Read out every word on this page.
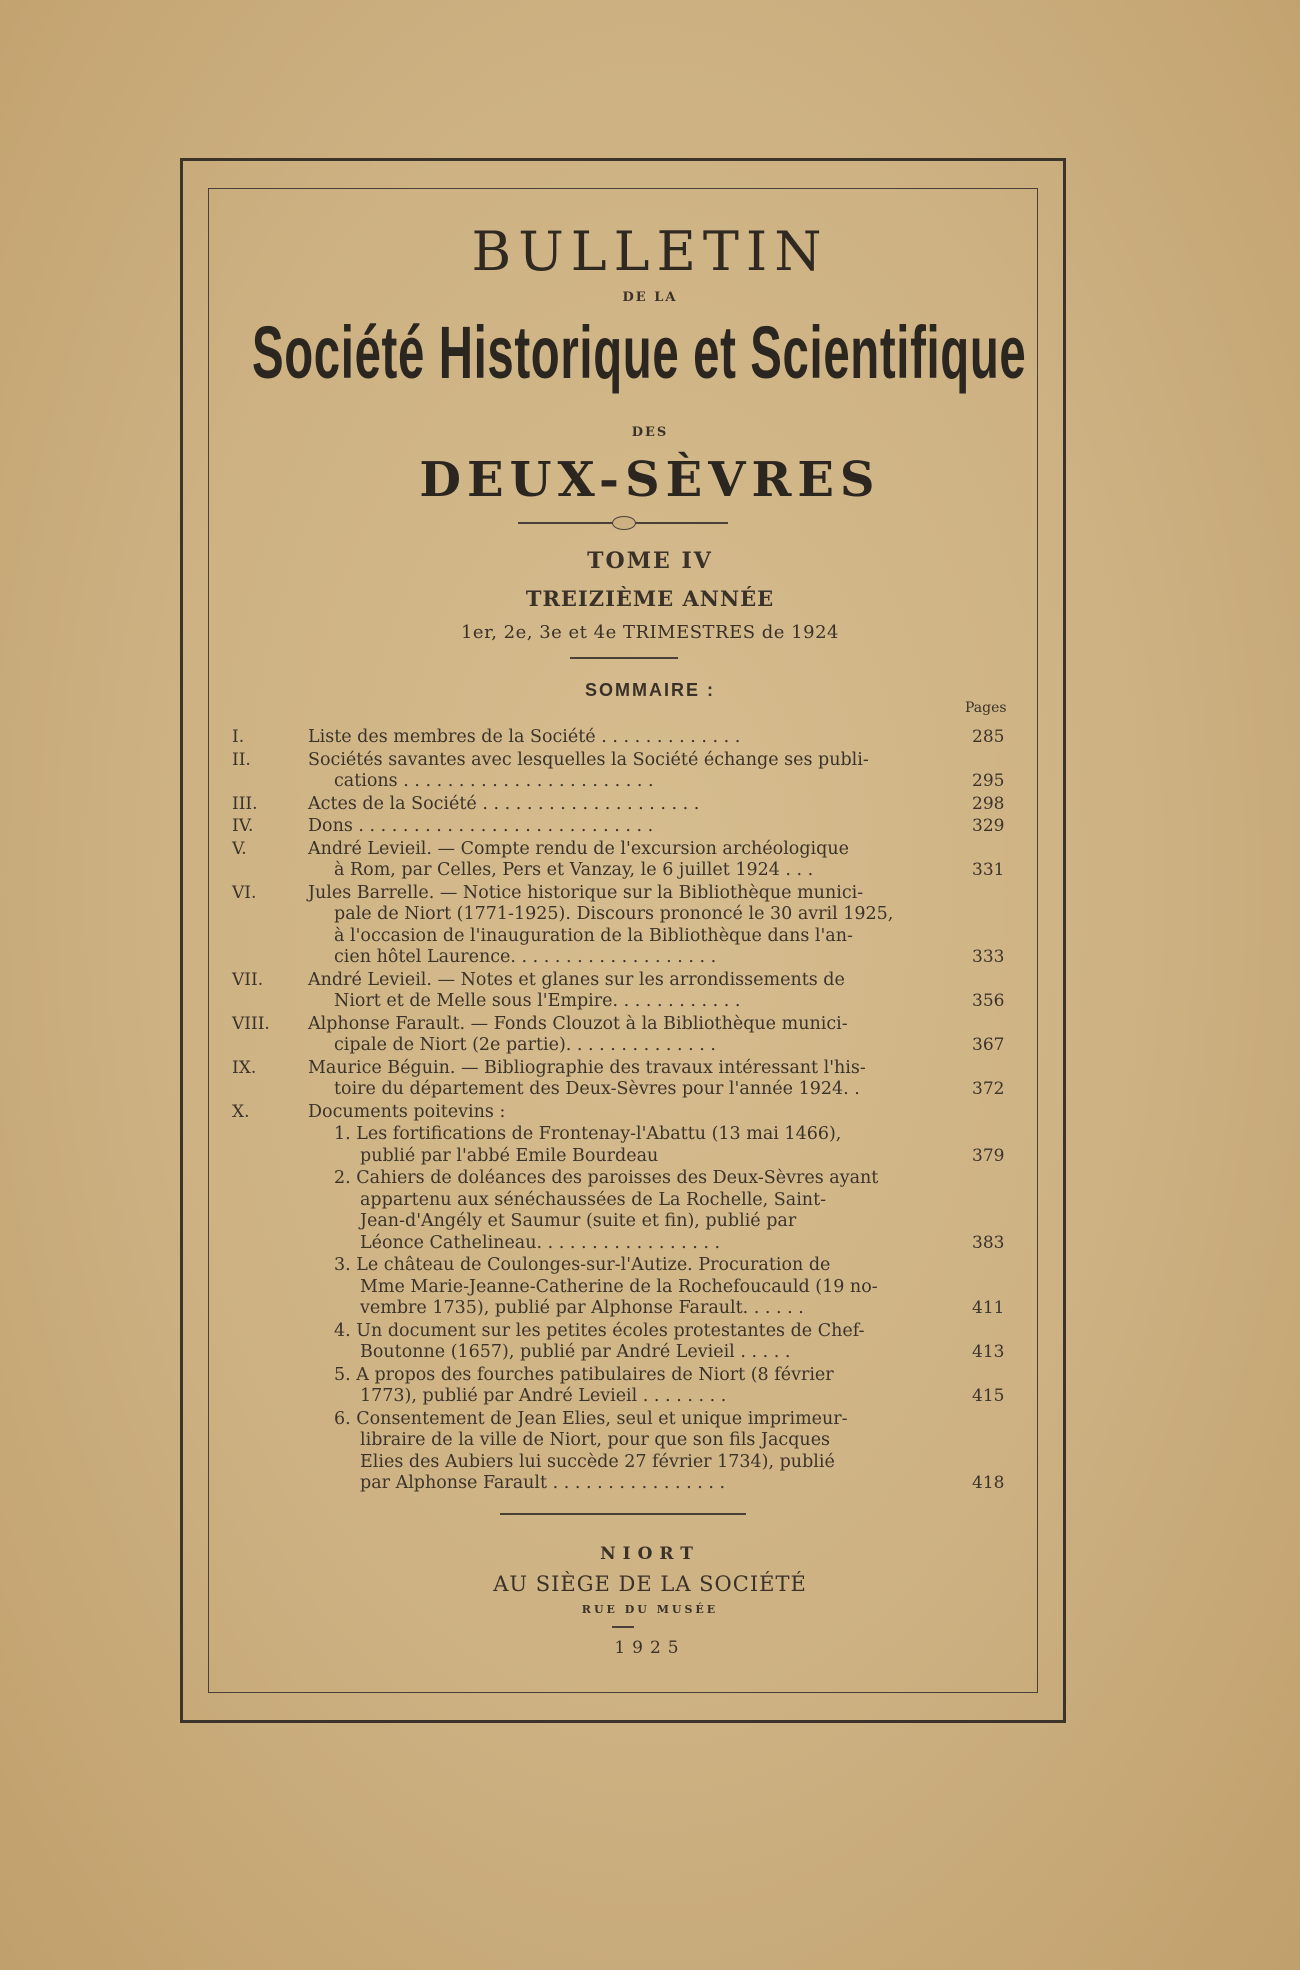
BULLETIN
DE LA
Société Historique et Scientifique
DES
DEUX-SÈVRES
TOME IV
TREIZIÈME ANNÉE
1er, 2e, 3e et 4e TRIMESTRES de 1924
SOMMAIRE :
Pages
I.	Liste des membres de la Société . . . . . . . . . . . . .	285
II.	Sociétés savantes avec lesquelles la Société échange ses publi-
cations . . . . . . . . . . . . . . . . . . . . . . .	295
III.	Actes de la Société . . . . . . . . . . . . . . . . . . . .	298
IV.	Dons . . . . . . . . . . . . . . . . . . . . . . . . . . .	329
V.	André Levieil. — Compte rendu de l'excursion archéologique
à Rom, par Celles, Pers et Vanzay, le 6 juillet 1924 . . .	331
VI.	Jules Barrelle. — Notice historique sur la Bibliothèque munici-
pale de Niort (1771-1925). Discours prononcé le 30 avril 1925,
à l'occasion de l'inauguration de la Bibliothèque dans l'an-
cien hôtel Laurence. . . . . . . . . . . . . . . . . . .	333
VII.	André Levieil. — Notes et glanes sur les arrondissements de
Niort et de Melle sous l'Empire. . . . . . . . . . . .	356
VIII. Alphonse Farault. — Fonds Clouzot à la Bibliothèque munici-
cipale de Niort (2e partie). . . . . . . . . . . . . .	367
IX.	Maurice Béguin. — Bibliographie des travaux intéressant l'his-
toire du département des Deux-Sèvres pour l'année 1924. .	372
X.	Documents poitevins :
1. Les fortifications de Frontenay-l'Abattu (13 mai 1466),
publié par l'abbé Emile Bourdeau	379
2. Cahiers de doléances des paroisses des Deux-Sèvres ayant
appartenu aux sénéchaussées de La Rochelle, Saint-
Jean-d'Angély et Saumur (suite et fin), publié par
Léonce Cathelineau. . . . . . . . . . . . . . . . .	383
3. Le château de Coulonges-sur-l'Autize. Procuration de
Mme Marie-Jeanne-Catherine de la Rochefoucauld (19 no-
vembre 1735), publié par Alphonse Farault. . . . . .	411
4. Un document sur les petites écoles protestantes de Chef-
Boutonne (1657), publié par André Levieil . . . . .	413
5. A propos des fourches patibulaires de Niort (8 février
1773), publié par André Levieil . . . . . . . .	415
6. Consentement de Jean Elies, seul et unique imprimeur-
libraire de la ville de Niort, pour que son fils Jacques
Elies des Aubiers lui succède 27 février 1734), publié
par Alphonse Farault . . . . . . . . . . . . . . . .	418
NIORT
AU SIÈGE DE LA SOCIÉTÉ
RUE DU MUSÉE
1925
